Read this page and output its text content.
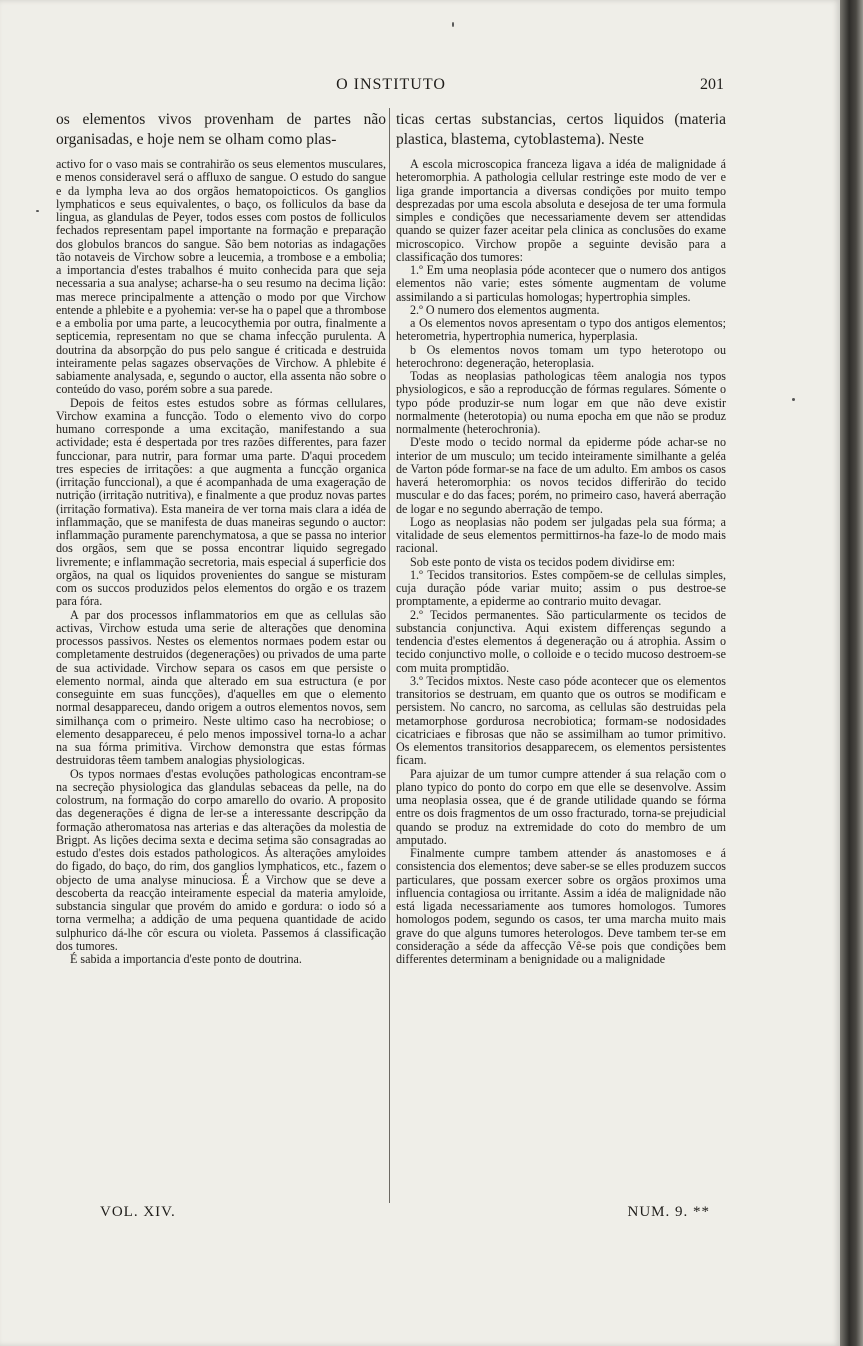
O INSTITUTO	201

os elementos vivos provenham de partes não organisadas, e hoje nem se olham como plas-

activo for o vaso mais se contrahirão os seus elementos musculares, e menos consideravel será o affluxo de sangue. O estudo do sangue e da lympha leva ao dos orgãos hematopoicticos. Os ganglios lymphaticos e seus equivalentes, o baço, os folliculos da base da lingua, as glandulas de Peyer, todos esses com postos de folliculos fechados representam papel importante na formação e preparação dos globulos brancos do sangue. São bem notorias as indagações tão notaveis de Virchow sobre a leucemia, a trombose e a embolia; a importancia d'estes trabalhos é muito conhecida para que seja necessaria a sua analyse; acharse-ha o seu resumo na decima lição: mas merece principalmente a attenção o modo por que Virchow entende a phlebite e a pyohemia: ver-se ha o papel que a thrombose e a embolia por uma parte, a leucocythemia por outra, finalmente a septicemia, representam no que se chama infecção purulenta. A doutrina da absorpção do pus pelo sangue é criticada e destruida inteiramente pelas sagazes observações de Virchow. A phlebite é sabiamente analysada, e, segundo o auctor, ella assenta não sobre o conteúdo do vaso, porém sobre a sua parede.

Depois de feitos estes estudos sobre as fórmas cellulares, Virchow examina a funcção. Todo o elemento vivo do corpo humano corresponde a uma excitação, manifestando a sua actividade; esta é despertada por tres razões differentes, para fazer funccionar, para nutrir, para formar uma parte. D'aqui procedem tres especies de irritações: a que augmenta a funcção organica (irritação funccional), a que é acompanhada de uma exageração de nutrição (irritação nutritiva), e finalmente a que produz novas partes (irritação formativa). Esta maneira de ver torna mais clara a idéa de inflammação, que se manifesta de duas maneiras segundo o auctor: inflammação puramente parenchymatosa, a que se passa no interior dos orgãos, sem que se possa encontrar liquido segregado livremente; e inflammação secretoria, mais especial á superficie dos orgãos, na qual os liquidos provenientes do sangue se misturam com os succos produzidos pelos elementos do orgão e os trazem para fóra.

A par dos processos inflammatorios em que as cellulas são activas, Virchow estuda uma serie de alterações que denomina processos passivos. Nestes os elementos normaes podem estar ou completamente destruidos (degenerações) ou privados de uma parte de sua actividade. Virchow separa os casos em que persiste o elemento normal, ainda que alterado em sua estructura (e por conseguinte em suas funcções), d'aquelles em que o elemento normal desappareceu, dando origem a outros elementos novos, sem similhança com o primeiro. Neste ultimo caso ha necrobiose; o elemento desappareceu, é pelo menos impossivel torna-lo a achar na sua fórma primitiva. Virchow demonstra que estas fórmas destruidoras têem tambem analogias physiologicas.

Os typos normaes d'estas evoluções pathologicas encontram-se na secreção physiologica das glandulas sebaceas da pelle, na do colostrum, na formação do corpo amarello do ovario. A proposito das degenerações é digna de ler-se a interessante descripção da formação atheromatosa nas arterias e das alterações da molestia de Brigpt. As lições decima sexta e decima setima são consagradas ao estudo d'estes dois estados pathologicos. Ás alterações amyloides do figado, do baço, do rim, dos ganglios lymphaticos, etc., fazem o objecto de uma analyse minuciosa. É a Virchow que se deve a descoberta da reacção inteiramente especial da materia amyloide, substancia singular que provém do amido e gordura: o iodo só a torna vermelha; a addição de uma pequena quantidade de acido sulphurico dá-lhe côr escura ou violeta. Passemos á classificação dos tumores.

É sabida a importancia d'este ponto de doutrina.

ticas certas substancias, certos liquidos (materia plastica, blastema, cytoblastema). Neste

A escola microscopica franceza ligava a idéa de malignidade á heteromorphia. A pathologia cellular restringe este modo de ver e liga grande importancia a diversas condições por muito tempo desprezadas por uma escola absoluta e desejosa de ter uma formula simples e condições que necessariamente devem ser attendidas quando se quizer fazer aceitar pela clinica as conclusões do exame microscopico. Virchow propõe a seguinte devisão para a classificação dos tumores:

1.º Em uma neoplasia póde acontecer que o numero dos antigos elementos não varie; estes sómente augmentam de volume assimilando a si particulas homologas; hypertrophia simples.

2.º O numero dos elementos augmenta.

a Os elementos novos apresentam o typo dos antigos elementos; heterometria, hypertrophia numerica, hyperplasia.

b Os elementos novos tomam um typo heterotopo ou heterochrono: degeneração, heteroplasia.

Todas as neoplasias pathologicas têem analogia nos typos physiologicos, e são a reproducção de fórmas regulares. Sómente o typo póde produzir-se num logar em que não deve existir normalmente (heterotopia) ou numa epocha em que não se produz normalmente (heterochronia).

D'este modo o tecido normal da epiderme póde achar-se no interior de um musculo; um tecido inteiramente similhante a geléa de Varton póde formar-se na face de um adulto. Em ambos os casos haverá heteromorphia: os novos tecidos differirão do tecido muscular e do das faces; porém, no primeiro caso, haverá aberração de logar e no segundo aberração de tempo.

Logo as neoplasias não podem ser julgadas pela sua fórma; a vitalidade de seus elementos permittirnos-ha faze-lo de modo mais racional.

Sob este ponto de vista os tecidos podem dividirse em:

1.º Tecidos transitorios. Estes compõem-se de cellulas simples, cuja duração póde variar muito; assim o pus destroe-se promptamente, a epiderme ao contrario muito devagar.

2.º Tecidos permanentes. São particularmente os tecidos de substancia conjunctiva. Aqui existem differenças segundo a tendencia d'estes elementos á degeneração ou á atrophia. Assim o tecido conjunctivo molle, o colloide e o tecido mucoso destroem-se com muita promptidão.

3.º Tecidos mixtos. Neste caso póde acontecer que os elementos transitorios se destruam, em quanto que os outros se modificam e persistem. No cancro, no sarcoma, as cellulas são destruidas pela metamorphose gordurosa necrobiotica; formam-se nodosidades cicatriciaes e fibrosas que não se assimilham ao tumor primitivo. Os elementos transitorios desapparecem, os elementos persistentes ficam.

Para ajuizar de um tumor cumpre attender á sua relação com o plano typico do ponto do corpo em que elle se desenvolve. Assim uma neoplasia ossea, que é de grande utilidade quando se fórma entre os dois fragmentos de um osso fracturado, torna-se prejudicial quando se produz na extremidade do coto do membro de um amputado.

Finalmente cumpre tambem attender ás anastomoses e á consistencia dos elementos; deve saber-se se elles produzem succos particulares, que possam exercer sobre os orgãos proximos uma influencia contagiosa ou irritante. Assim a idéa de malignidade não está ligada necessariamente aos tumores homologos. Tumores homologos podem, segundo os casos, ter uma marcha muito mais grave do que alguns tumores heterologos. Deve tambem ter-se em consideração a séde da affecção Vê-se pois que condições bem differentes determinam a benignidade ou a malignidade

VOL. XIV.	NUM. 9. **
